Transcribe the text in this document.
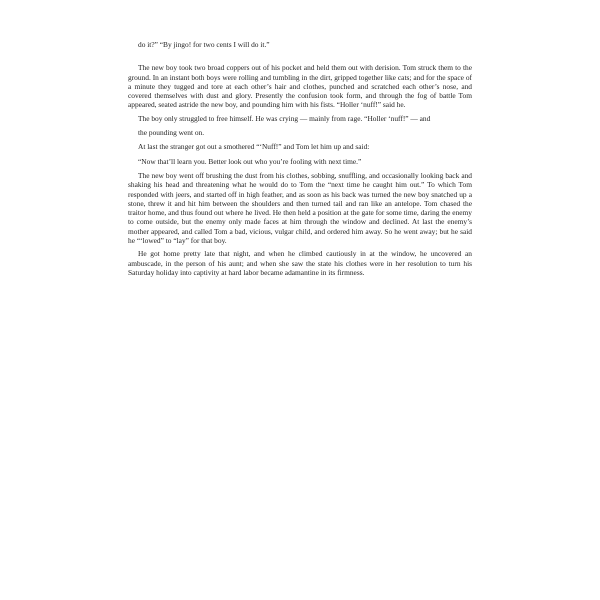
do it?” “By jingo! for two cents I will do it.”

The new boy took two broad coppers out of his pocket and held them out with derision. Tom struck them to the ground. In an instant both boys were rolling and tumbling in the dirt, gripped together like cats; and for the space of a minute they tugged and tore at each other’s hair and clothes, punched and scratched each other’s nose, and covered themselves with dust and glory. Presently the confusion took form, and through the fog of battle Tom appeared, seated astride the new boy, and pounding him with his fists. “Holler ‘nuff!” said he.

The boy only struggled to free himself. He was crying — mainly from rage. “Holler ‘nuff!” — and

the pounding went on.

At last the stranger got out a smothered “‘Nuff!” and Tom let him up and said:

“Now that’ll learn you. Better look out who you’re fooling with next time.”

The new boy went off brushing the dust from his clothes, sobbing, snuffling, and occasionally looking back and shaking his head and threatening what he would do to Tom the “next time he caught him out.” To which Tom responded with jeers, and started off in high feather, and as soon as his back was turned the new boy snatched up a stone, threw it and hit him between the shoulders and then turned tail and ran like an antelope. Tom chased the traitor home, and thus found out where he lived. He then held a position at the gate for some time, daring the enemy to come outside, but the enemy only made faces at him through the window and declined. At last the enemy’s mother appeared, and called Tom a bad, vicious, vulgar child, and ordered him away. So he went away; but he said he “‘lowed” to “lay” for that boy.

He got home pretty late that night, and when he climbed cautiously in at the window, he uncovered an ambuscade, in the person of his aunt; and when she saw the state his clothes were in her resolution to turn his Saturday holiday into captivity at hard labor became adamantine in its firmness.
